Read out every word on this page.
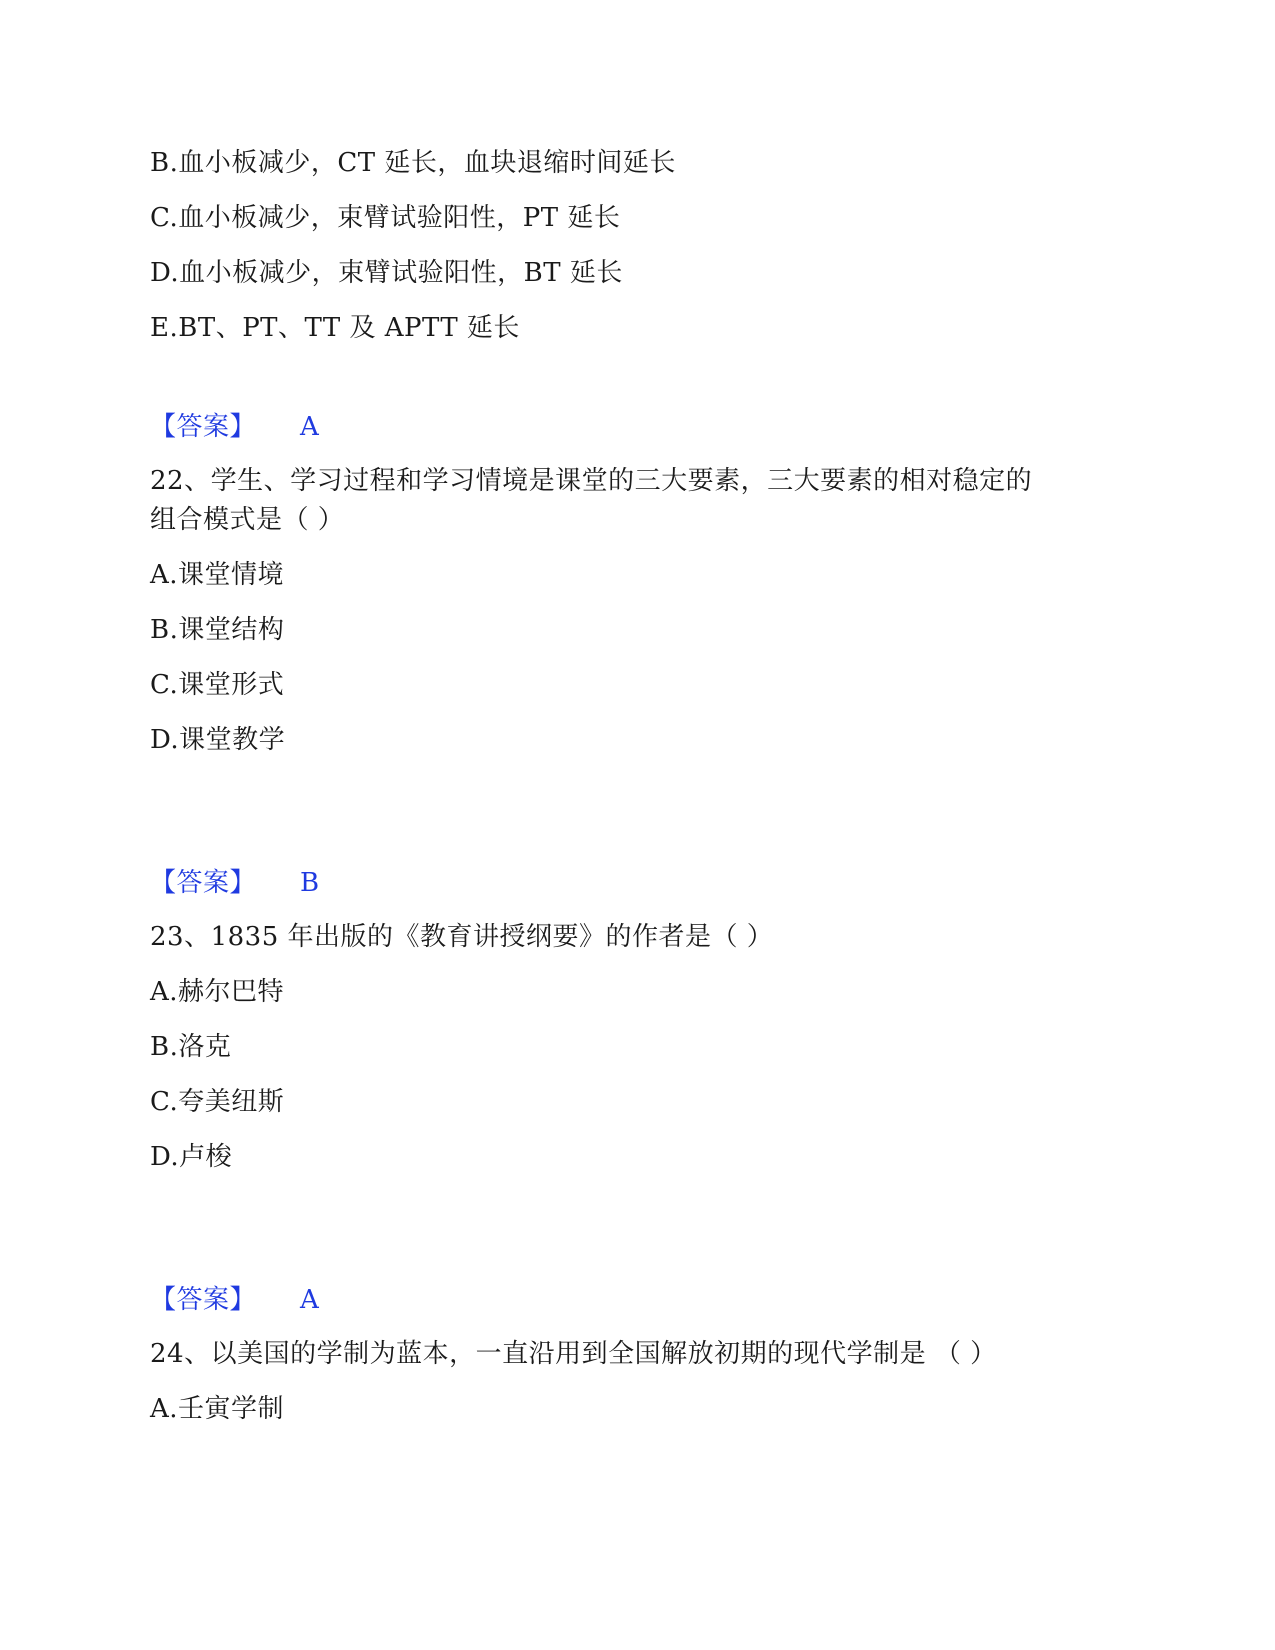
B.血小板减少，CT 延长，血块退缩时间延长
C.血小板减少，束臂试验阳性，PT 延长
D.血小板减少，束臂试验阳性，BT 延长
E.BT、PT、TT 及 APTT 延长
【答案】 A
22、学生、学习过程和学习情境是课堂的三大要素，三大要素的相对稳定的
组合模式是（ ）
A.课堂情境
B.课堂结构
C.课堂形式
D.课堂教学
【答案】 B
23、1835 年出版的《教育讲授纲要》的作者是（ ）
A.赫尔巴特
B.洛克
C.夸美纽斯
D.卢梭
【答案】 A
24、以美国的学制为蓝本，一直沿用到全国解放初期的现代学制是 （ ）
A.壬寅学制
